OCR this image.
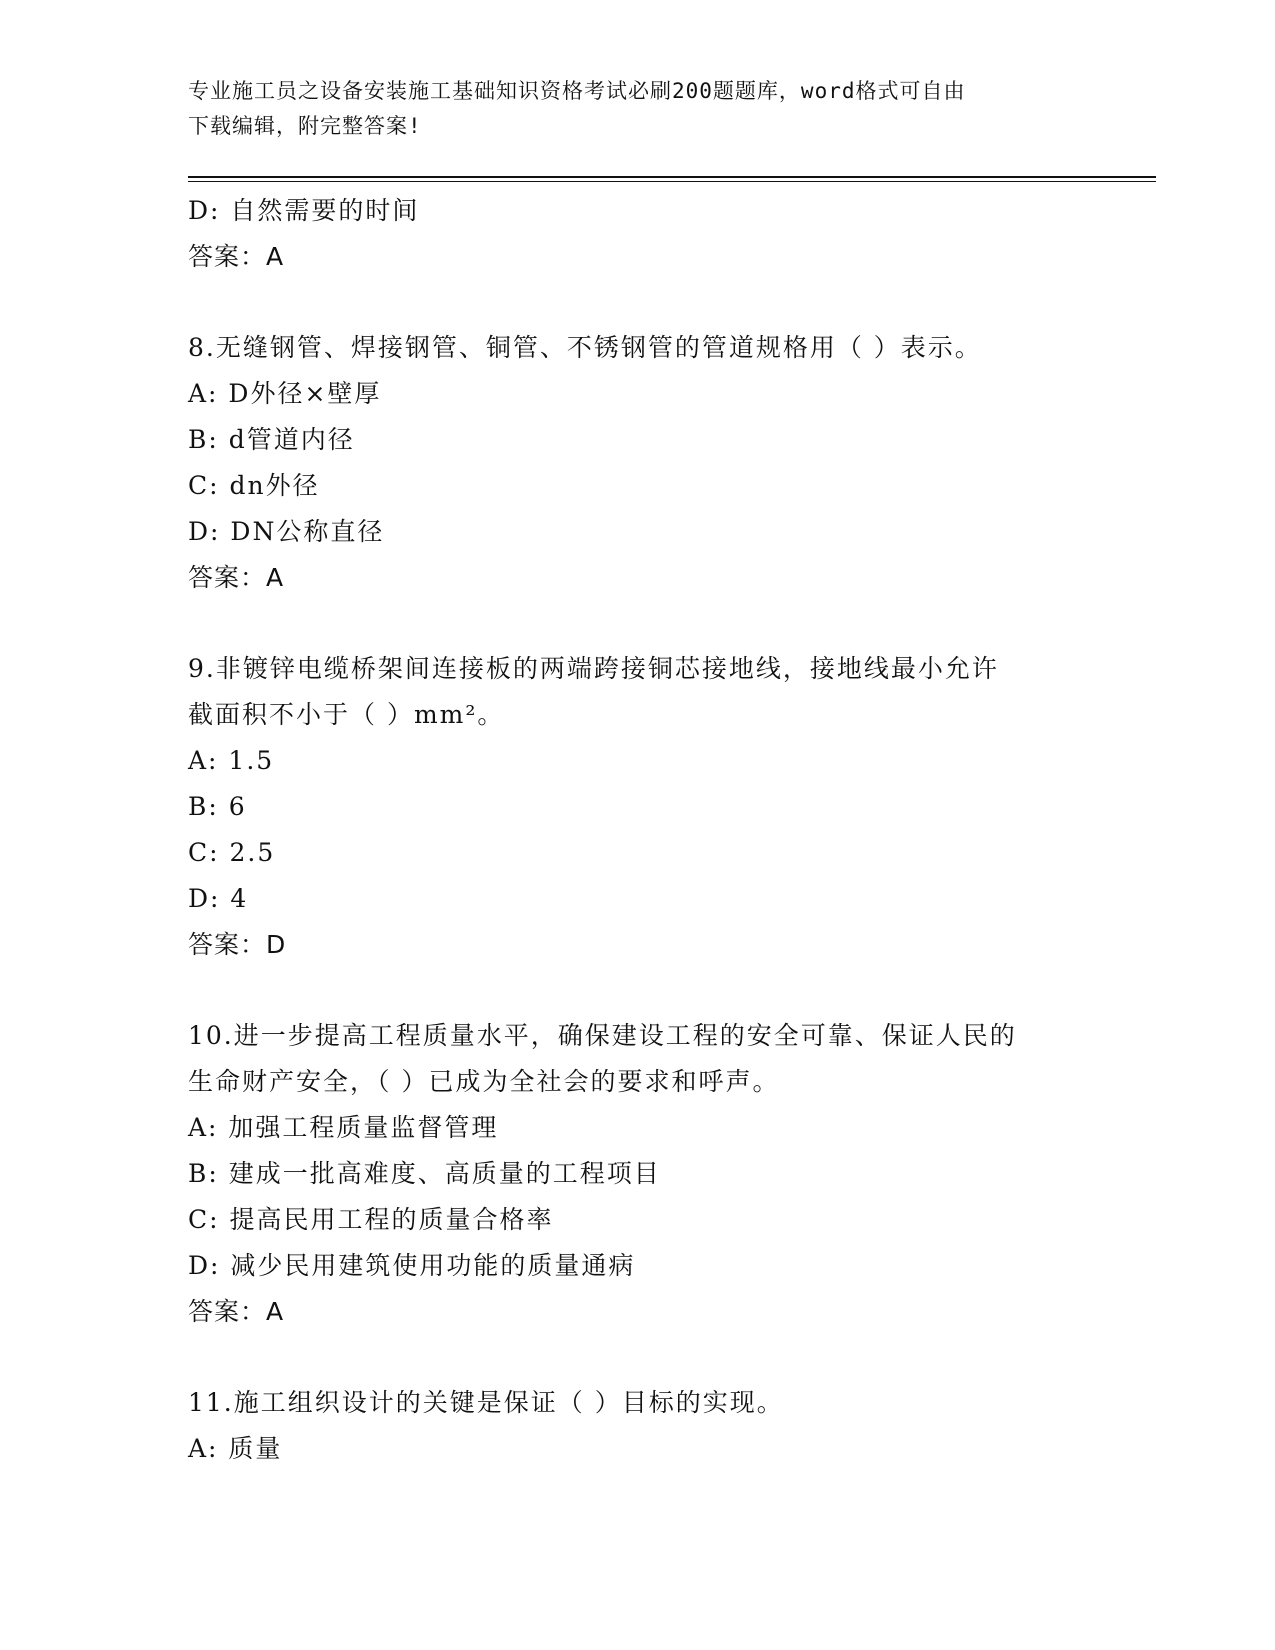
专业施工员之设备安装施工基础知识资格考试必刷200题题库，word格式可自由
下载编辑，附完整答案!
D: 自然需要的时间
答案：A
8.无缝钢管、焊接钢管、铜管、不锈钢管的管道规格用（ ）表示。
A: D外径×壁厚
B: d管道内径
C: dn外径
D: DN公称直径
答案：A
9.非镀锌电缆桥架间连接板的两端跨接铜芯接地线，接地线最小允许
截面积不小于（ ）mm²。
A: 1.5
B: 6
C: 2.5
D: 4
答案：D
10.进一步提高工程质量水平，确保建设工程的安全可靠、保证人民的
生命财产安全，（ ）已成为全社会的要求和呼声。
A: 加强工程质量监督管理
B: 建成一批高难度、高质量的工程项目
C: 提高民用工程的质量合格率
D: 减少民用建筑使用功能的质量通病
答案：A
11.施工组织设计的关键是保证（ ）目标的实现。
A: 质量
